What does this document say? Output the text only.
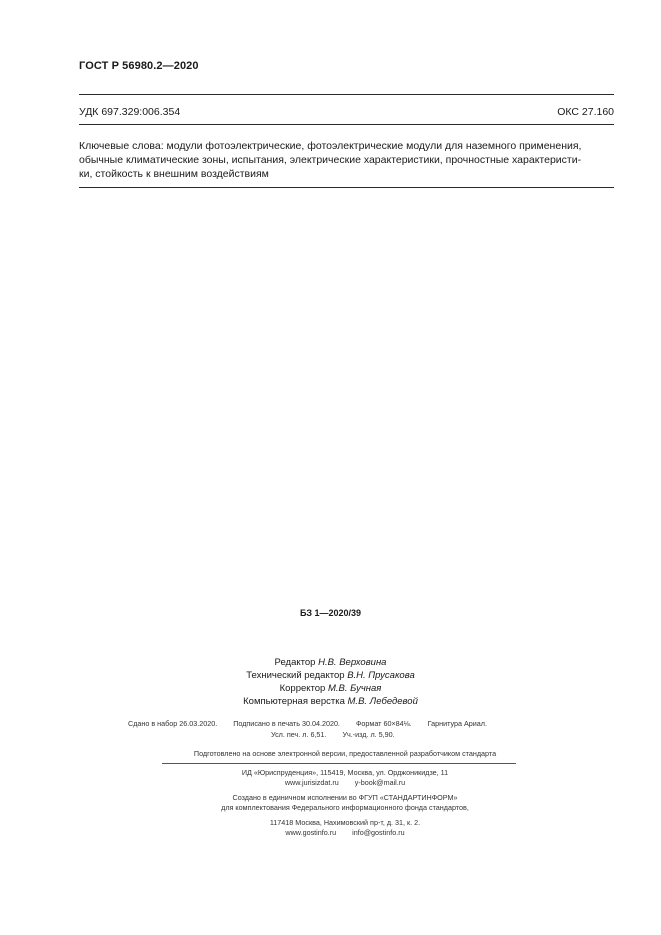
ГОСТ Р 56980.2—2020
УДК 697.329:006.354	ОКС 27.160
Ключевые слова: модули фотоэлектрические, фотоэлектрические модули для наземного применения,
обычные климатические зоны, испытания, электрические характеристики, прочностные характеристи-
ки, стойкость к внешним воздействиям
БЗ 1—2020/39
Редактор Н.В. Верховина
Технический редактор В.Н. Прусакова
Корректор М.В. Бучная
Компьютерная верстка М.В. Лебедевой
Сдано в набор 26.03.2020. Подписано в печать 30.04.2020. Формат 60×84⅛. Гарнитура Ариал.
Усл. печ. л. 6,51. Уч.-изд. л. 5,90.
Подготовлено на основе электронной версии, предоставленной разработчиком стандарта
ИД «Юриспруденция», 115419, Москва, ул. Орджоникидзе, 11
www.jurisizdat.ru y-book@mail.ru
Создано в единичном исполнении во ФГУП «СТАНДАРТИНФОРМ»
для комплектования Федерального информационного фонда стандартов,
117418 Москва, Нахимовский пр-т, д. 31, к. 2.
www.gostinfo.ru info@gostinfo.ru
